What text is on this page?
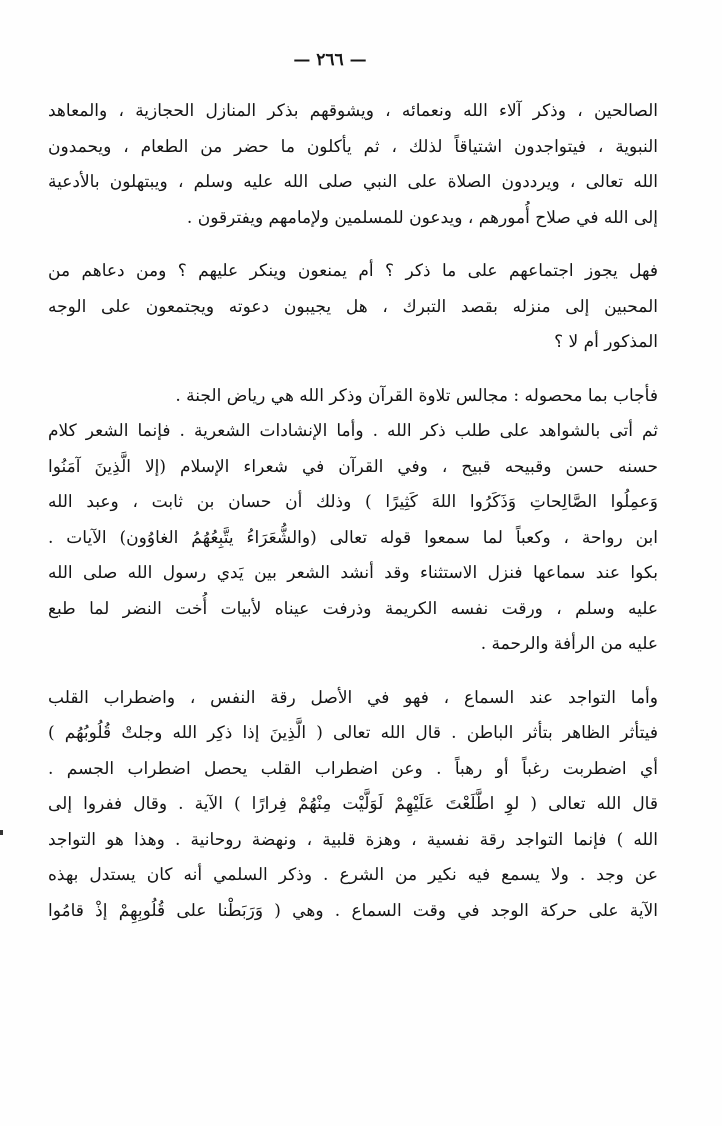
— ٢٦٦ —
الصالحين ، وذكر آلاء الله ونعمائه ، ويشوقهم بذكر المنازل الحجازية ، والمعاهد
النبوية ، فيتواجدون اشتياقاً لذلك ، ثم يأكلون ما حضر من الطعام ، ويحمدون
الله تعالى ، ويرددون الصلاة على النبي صلى الله عليه وسلم ، ويبتهلون بالأدعية
إلى الله في صلاح أُمورهم ، ويدعون للمسلمين ولإمامهم ويفترقون .
فهل يجوز اجتماعهم على ما ذكر ؟ أم يمنعون وينكر عليهم ؟ ومن دعاهم من
المحبين إلى منزله بقصد التبرك ، هل يجيبون دعوته ويجتمعون على الوجه
المذكور أم لا ؟
فأجاب بما محصوله : مجالس تلاوة القرآن وذكر الله هي رياض الجنة .
ثم أتى بالشواهد على طلب ذكر الله . وأما الإنشادات الشعرية . فإنما الشعر كلام
حسنه حسن وقبيحه قبيح ، وفي القرآن في شعراء الإسلام (إلا الَّذِينَ آمَنُوا
وَعمِلُوا الصَّالِحاتِ وَذَكَرُوا اللهَ كَثِيرًا ) وذلك أن حسان بن ثابت ، وعبد الله
ابن رواحة ، وكعباً لما سمعوا قوله تعالى (والشُّعَرَاءُ يتَّبِعُهُمُ الغاوُون) الآيات .
بكوا عند سماعها فنزل الاستثناء وقد أنشد الشعر بين يَدي رسول الله صلى الله
عليه وسلم ، ورقت نفسه الكريمة وذرفت عيناه لأبيات أُخت النضر لما طبع
عليه من الرأفة والرحمة .
وأما التواجد عند السماع ، فهو في الأصل رقة النفس ، واضطراب القلب
فيتأثر الظاهر بتأثر الباطن . قال الله تعالى ( الَّذِينَ إذا ذكِر الله وجلتْ قُلُوبُهُم )
أي اضطربت رغباً أو رهباً . وعن اضطراب القلب يحصل اضطراب الجسم .
قال الله تعالى ( لوِ اطَّلَعْتَ عَلَيْهِمْ لَوَلَّيْت مِنْهُمْ فِرارًا ) الآية . وقال ففروا إلى
الله ) فإنما التواجد رقة نفسية ، وهزة قلبية ، ونهضة روحانية . وهذا هو التواجد
عن وجد . ولا يسمع فيه نكير من الشرع . وذكر السلمي أنه كان يستدل بهذه
الآية على حركة الوجد في وقت السماع . وهي ( وَرَبَطْنا على قُلُوبِهِمْ إذْ قامُوا
